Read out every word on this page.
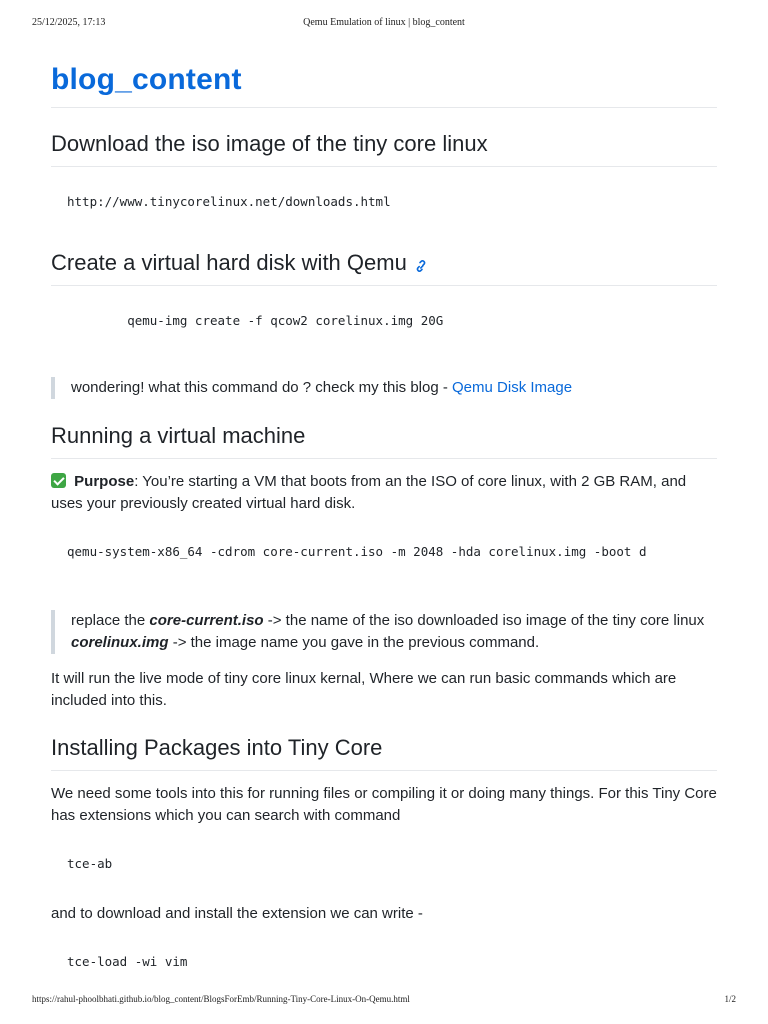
25/12/2025, 17:13	Qemu Emulation of linux | blog_content
blog_content
Download the iso image of the tiny core linux
http://www.tinycorelinux.net/downloads.html
Create a virtual hard disk with Qemu
qemu-img create -f qcow2 corelinux.img 20G
wondering! what this command do ? check my this blog - Qemu Disk Image
Running a virtual machine

Purpose: You’re starting a VM that boots from an the ISO of core linux, with 2 GB RAM, and uses your previously created virtual hard disk.

qemu-system-x86_64 -cdrom core-current.iso -m 2048 -hda corelinux.img -boot d
replace the core-current.iso -> the name of the iso downloaded iso image of the tiny core linux corelinux.img -> the image name you gave in the previous command.

It will run the live mode of tiny core linux kernal, Where we can run basic commands which are included into this.

Installing Packages into Tiny Core

We need some tools into this for running files or compiling it or doing many things. For this Tiny Core has extensions which you can search with command

tce-ab

and to download and install the extension we can write -

tce-load -wi vim
https://rahul-phoolbhati.github.io/blog_content/BlogsForEmb/Running-Tiny-Core-Linux-On-Qemu.html	1/2
